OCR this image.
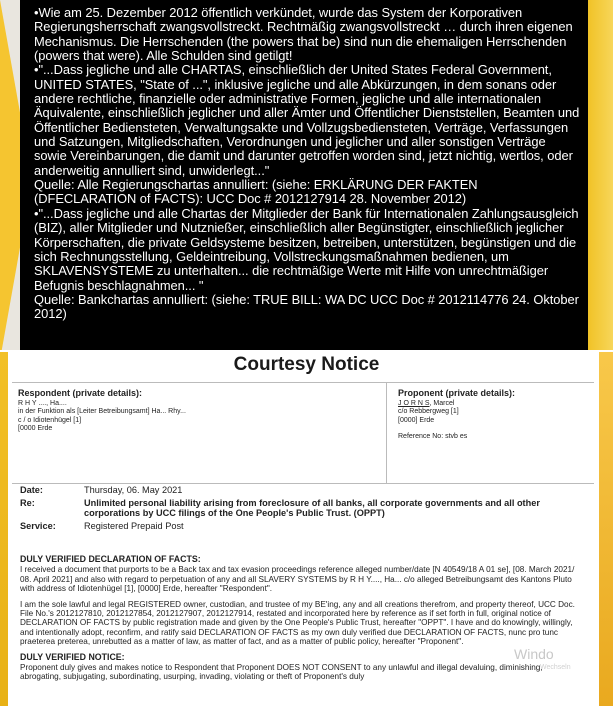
•Wie am 25. Dezember 2012 öffentlich verkündet, wurde das System der Korporativen Regierungsherrschaft zwangsvollstreckt. Rechtmäßig zwangsvollstreckt … durch ihren eigenen Mechanismus. Die Herrschenden (the powers that be) sind nun die ehemaligen Herrschenden (powers that were). Alle Schulden sind getilgt!

•"...Dass jegliche und alle CHARTAS, einschließlich der United States Federal Government, UNITED STATES, "State of ...", inklusive jegliche und alle Abkürzungen, in dem sonans oder andere rechtliche, finanzielle oder administrative Formen, jegliche und alle internationalen Äquivalente, einschließlich jeglicher und aller Ämter und Öffentlicher Dienststellen, Beamten und Öffentlicher Bediensteten, Verwaltungsakte und Vollzugsbediensteten, Verträge, Verfassungen und Satzungen, Mitgliedschaften, Verordnungen und jeglicher und aller sonstigen Verträge sowie Vereinbarungen, die damit und darunter getroffen worden sind, jetzt nichtig, wertlos, oder anderweitig annulliert sind, unwiderlegt..."

Quelle: Alle Regierungschartas annulliert: (siehe: ERKLÄRUNG DER FAKTEN (DFECLARATION of FACTS): UCC Doc # 2012127914 28. November 2012)

•"...Dass jegliche und alle Chartas der Mitglieder der Bank für Internationalen Zahlungsausgleich (BIZ), aller Mitglieder und Nutznießer, einschließlich aller Begünstigter, einschließlich jeglicher Körperschaften, die private Geldsysteme besitzen, betreiben, unterstützen, begünstigen und die sich Rechnungsstellung, Geldeintreibung, Vollstreckungsmaßnahmen bedienen, um SKLAVENSYSTEME zu unterhalten... die rechtmäßige Werte mit Hilfe von unrechtmäßiger Befugnis beschlagnahmen... "

Quelle: Bankchartas annulliert: (siehe: TRUE BILL: WA DC UCC Doc # 2012114776 24. Oktober 2012)

Courtesy Notice
Respondent (private details):
R H Y ...., Ha....
in der Funktion als [Leiter Betreibungsamt] Ha... Rhy...
c / o Idiotenhügel [1]
[0000 Erde
Proponent (private details):
J O R N S, Marcel
c/o Rebbergweg [1]
[0000] Erde
Reference No: stvb es
Date:	Thursday, 06. May 2021
Re:	Unlimited personal liability arising from foreclosure of all banks, all corporate governments and all other corporations by UCC filings of the One People's Public Trust. (OPPT)
Service:	Registered Prepaid Post
DULY VERIFIED DECLARATION OF FACTS:

I received a document that purports to be a Back tax and tax evasion proceedings reference alleged number/date [N 40549/18 A 01 se], [08. March 2021/ 08. April 2021] and also with regard to perpetuation of any and all SLAVERY SYSTEMS by R H Y...., Ha... c/o alleged Betreibungsamt des Kantons Pluto with address of Idiotenhügel [1], [0000] Erde, hereafter "Respondent".

I am the sole lawful and legal REGISTERED owner, custodian, and trustee of my BE'ing, any and all creations therefrom, and property thereof, UCC Doc. File No.'s 2012127810, 2012127854, 2012127907, 2012127914, restated and incorporated here by reference as if set forth in full, original notice of DECLARATION OF FACTS by public registration made and given by the One People's Public Trust, hereafter "OPPT". I have and do knowingly, willingly, and intentionally adopt, reconfirm, and ratify said DECLARATION OF FACTS as my own duly verified due DECLARATION OF FACTS, nunc pro tunc praeterea preterea, unrebutted as a matter of law, as matter of fact, and as a matter of public policy, hereafter "Proponent".

DULY VERIFIED NOTICE:

Proponent duly gives and makes notice to Respondent that Proponent DOES NOT CONSENT to any unlawful and illegal devaluing, diminishing, abrogating, subjugating, subordinating, usurping, invading, violating or theft of Proponent's duly

Windo
Wechseln
